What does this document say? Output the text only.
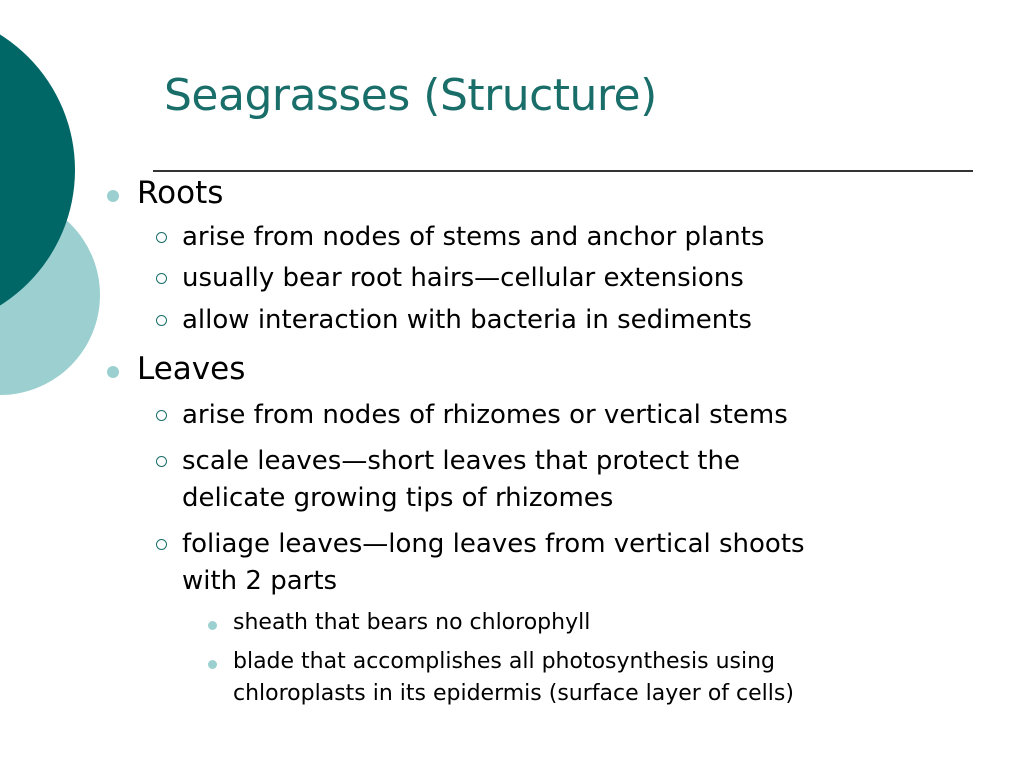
Seagrasses (Structure)
Roots
arise from nodes of stems and anchor plants
usually bear root hairs—cellular extensions
allow interaction with bacteria in sediments
Leaves
arise from nodes of rhizomes or vertical stems
scale leaves—short leaves that protect the
delicate growing tips of rhizomes
foliage leaves—long leaves from vertical shoots
with 2 parts
sheath that bears no chlorophyll
blade that accomplishes all photosynthesis using
chloroplasts in its epidermis (surface layer of cells)
